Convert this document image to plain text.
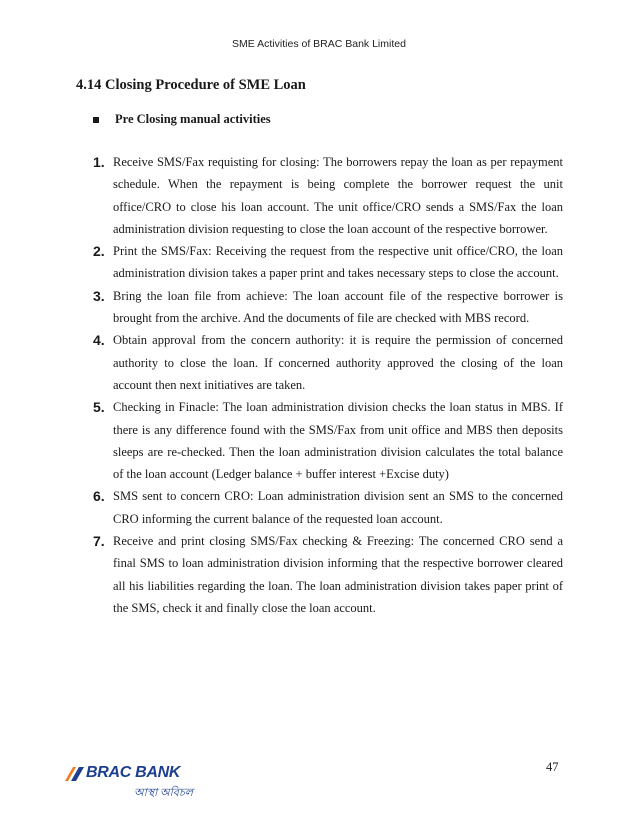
SME Activities of BRAC Bank Limited
4.14 Closing Procedure of SME Loan
Pre Closing manual activities
1. Receive SMS/Fax requisting for closing: The borrowers repay the loan as per repayment schedule. When the repayment is being complete the borrower request the unit office/CRO to close his loan account. The unit office/CRO sends a SMS/Fax the loan administration division requesting to close the loan account of the respective borrower.
2. Print the SMS/Fax: Receiving the request from the respective unit office/CRO, the loan administration division takes a paper print and takes necessary steps to close the account.
3. Bring the loan file from achieve: The loan account file of the respective borrower is brought from the archive. And the documents of file are checked with MBS record.
4. Obtain approval from the concern authority: it is require the permission of concerned authority to close the loan. If concerned authority approved the closing of the loan account then next initiatives are taken.
5. Checking in Finacle: The loan administration division checks the loan status in MBS. If there is any difference found with the SMS/Fax from unit office and MBS then deposits sleeps are re-checked. Then the loan administration division calculates the total balance of the loan account (Ledger balance + buffer interest +Excise duty)
6. SMS sent to concern CRO: Loan administration division sent an SMS to the concerned CRO informing the current balance of the requested loan account.
7. Receive and print closing SMS/Fax checking & Freezing: The concerned CRO send a final SMS to loan administration division informing that the respective borrower cleared all his liabilities regarding the loan. The loan administration division takes paper print of the SMS, check it and finally close the loan account.
47
BRAC BANK
আস্থা অবিচল
